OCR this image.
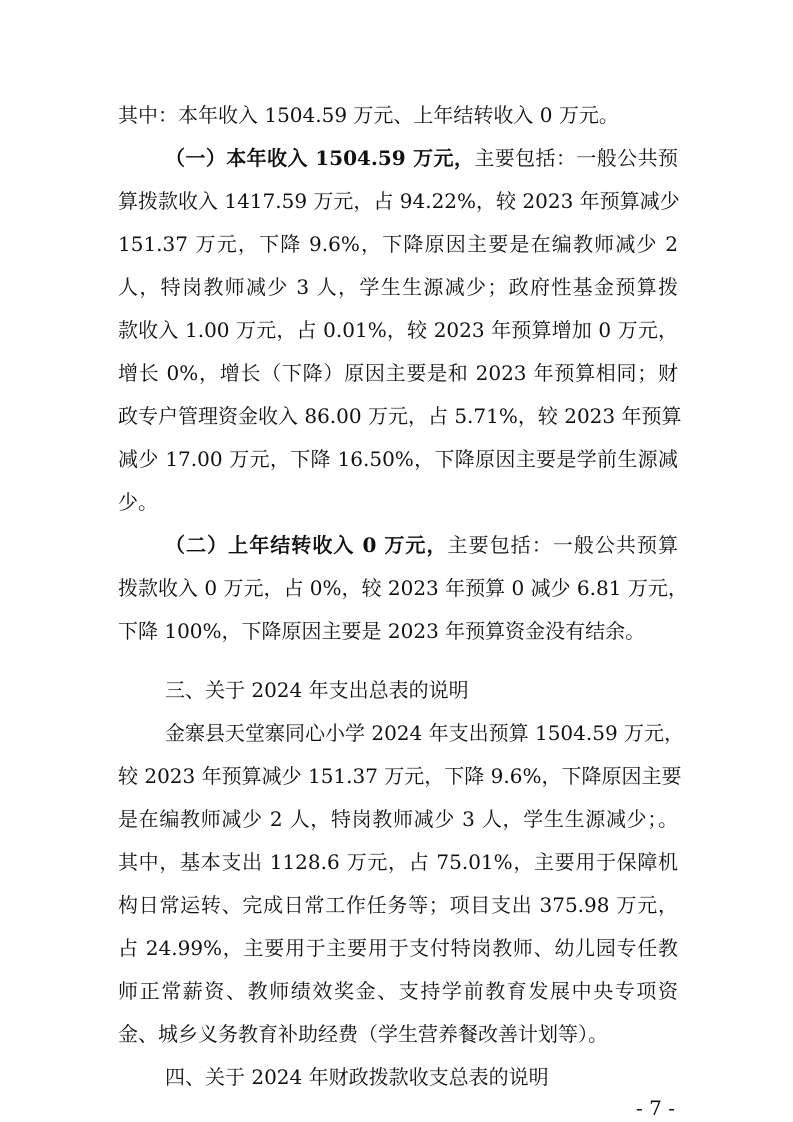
其中：本年收入 1504.59 万元、上年结转收入 0 万元。
（一）本年收入 1504.59 万元，主要包括：一般公共预
算拨款收入 1417.59 万元，占 94.22%，较 2023 年预算减少
151.37 万元，下降 9.6%，下降原因主要是在编教师减少 2
人，特岗教师减少 3 人，学生生源减少；政府性基金预算拨
款收入 1.00 万元，占 0.01%，较 2023 年预算增加 0 万元，
增长 0%，增长（下降）原因主要是和 2023 年预算相同；财
政专户管理资金收入 86.00 万元，占 5.71%，较 2023 年预算
减少 17.00 万元，下降 16.50%，下降原因主要是学前生源减
少。
（二）上年结转收入 0 万元，主要包括：一般公共预算
拨款收入 0 万元，占 0%，较 2023 年预算 0 减少 6.81 万元，
下降 100%，下降原因主要是 2023 年预算资金没有结余。
三、关于 2024 年支出总表的说明
金寨县天堂寨同心小学 2024 年支出预算 1504.59 万元，
较 2023 年预算减少 151.37 万元，下降 9.6%，下降原因主要
是在编教师减少 2 人，特岗教师减少 3 人，学生生源减少；。
其中，基本支出 1128.6 万元，占 75.01%，主要用于保障机
构日常运转、完成日常工作任务等；项目支出 375.98 万元，
占 24.99%，主要用于主要用于支付特岗教师、幼儿园专任教
师正常薪资、教师绩效奖金、支持学前教育发展中央专项资
金、城乡义务教育补助经费（学生营养餐改善计划等）。
四、关于 2024 年财政拨款收支总表的说明
- 7 -
